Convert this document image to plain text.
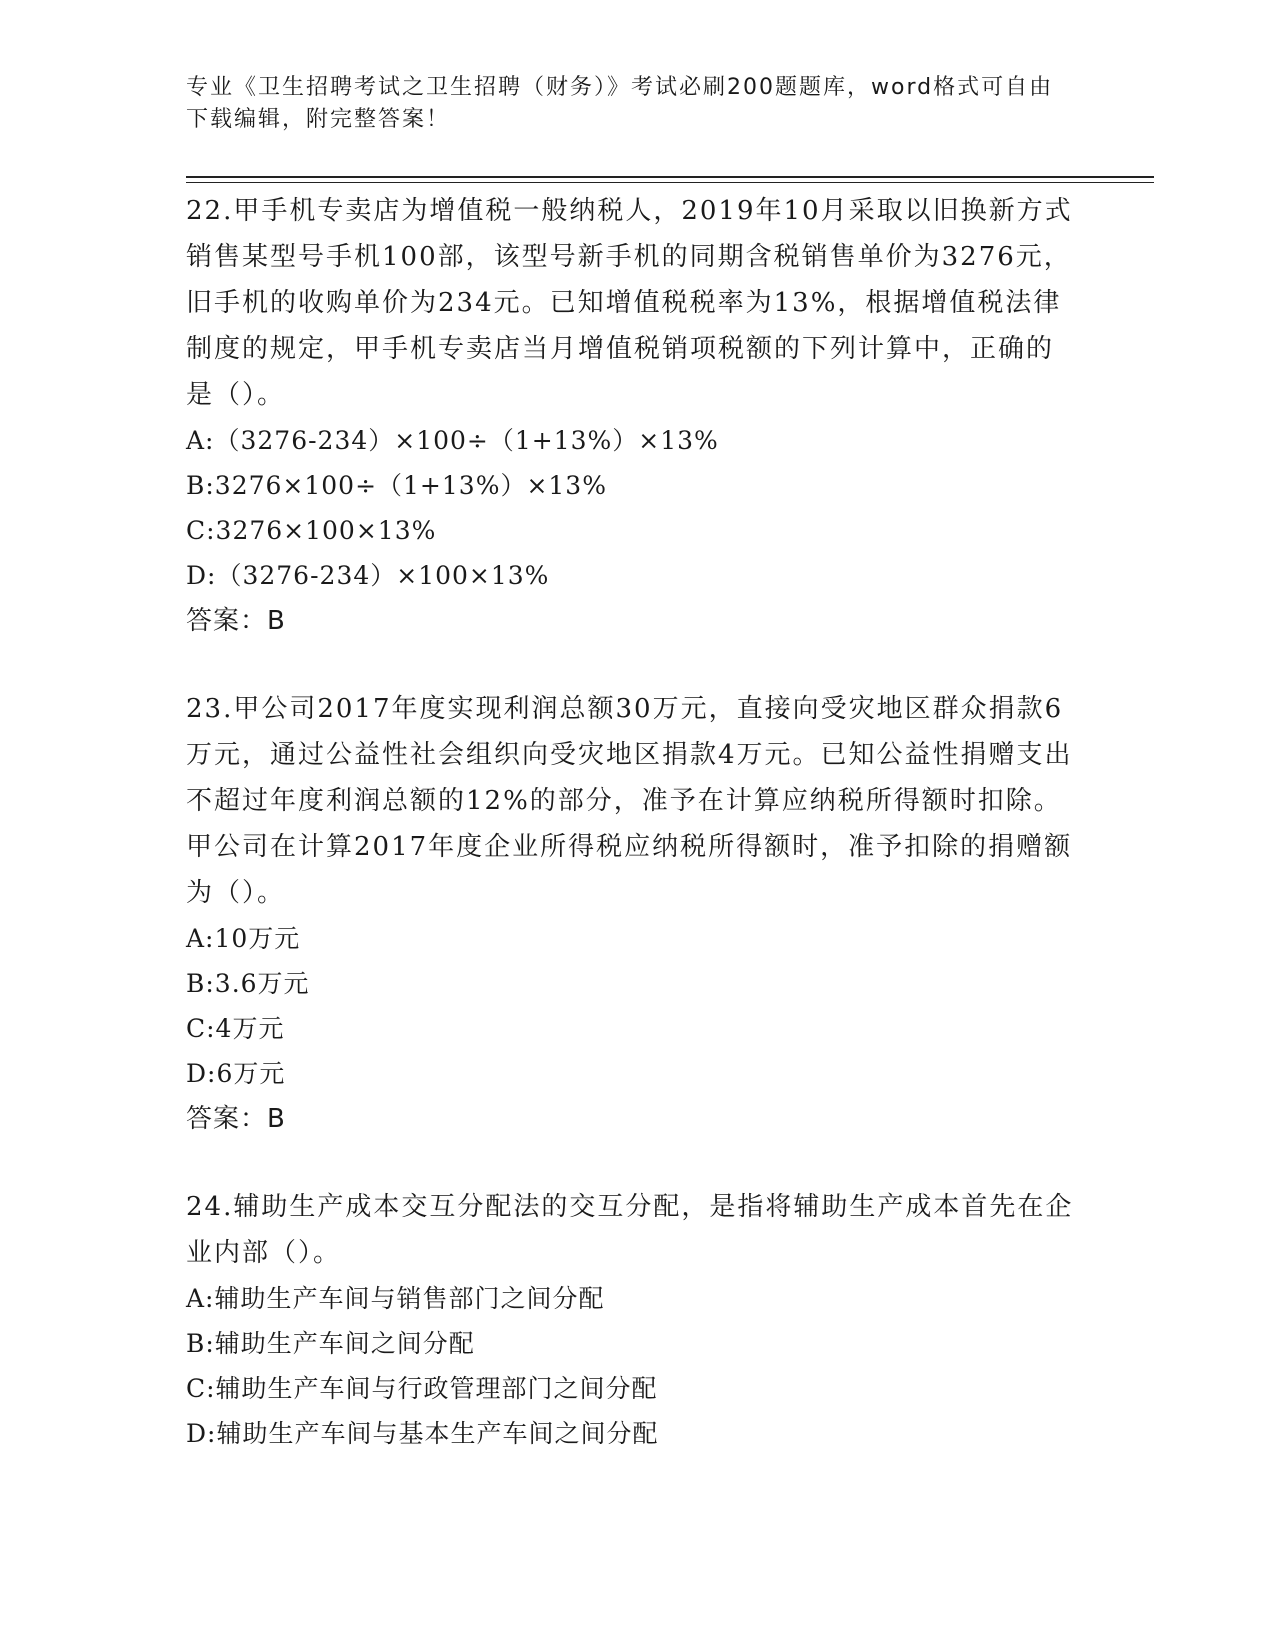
专业《卫生招聘考试之卫生招聘（财务）》考试必刷200题题库，word格式可自由下载编辑，附完整答案！

22.甲手机专卖店为增值税一般纳税人，2019年10月采取以旧换新方式销售某型号手机100部，该型号新手机的同期含税销售单价为3276元，旧手机的收购单价为234元。已知增值税税率为13%，根据增值税法律制度的规定，甲手机专卖店当月增值税销项税额的下列计算中，正确的是（）。

A:（3276-234）×100÷（1+13%）×13%
B:3276×100÷（1+13%）×13%
C:3276×100×13%
D:（3276-234）×100×13%

答案：B

23.甲公司2017年度实现利润总额30万元，直接向受灾地区群众捐款6万元，通过公益性社会组织向受灾地区捐款4万元。已知公益性捐赠支出不超过年度利润总额的12%的部分，准予在计算应纳税所得额时扣除。甲公司在计算2017年度企业所得税应纳税所得额时，准予扣除的捐赠额为（）。

A:10万元
B:3.6万元
C:4万元
D:6万元

答案：B

24.辅助生产成本交互分配法的交互分配，是指将辅助生产成本首先在企业内部（）。

A:辅助生产车间与销售部门之间分配
B:辅助生产车间之间分配
C:辅助生产车间与行政管理部门之间分配
D:辅助生产车间与基本生产车间之间分配
